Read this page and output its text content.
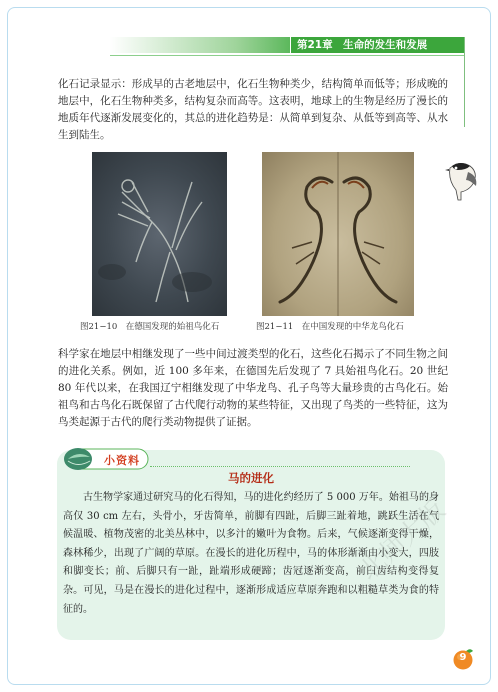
第21章　生命的发生和发展
化石记录显示：形成早的古老地层中，化石生物种类少，结构简单而低等；形成晚的地层中，化石生物种类多，结构复杂而高等。这表明，地球上的生物是经历了漫长的地质年代逐渐发展变化的，其总的进化趋势是：从简单到复杂、从低等到高等、从水生到陆生。
图21−10　在德国发现的始祖鸟化石	图21−11　在中国发现的中华龙鸟化石
科学家在地层中相继发现了一些中间过渡类型的化石，这些化石揭示了不同生物之间的进化关系。例如，近 100 多年来，在德国先后发现了 7 具始祖鸟化石。20 世纪 80 年代以来，在我国辽宁相继发现了中华龙鸟、孔子鸟等大量珍贵的古鸟化石。始祖鸟和古鸟化石既保留了古代爬行动物的某些特征，又出现了鸟类的一些特征，这为鸟类起源于古代的爬行类动物提供了证据。
小资料
马的进化
古生物学家通过研究马的化石得知，马的进化约经历了 5 000 万年。始祖马的身高仅 30 cm 左右，头骨小，牙齿简单，前脚有四趾，后脚三趾着地，跳跃生活在气候温暖、植物茂密的北美丛林中，以多汁的嫩叶为食物。后来，气候逐渐变得干燥，森林稀少，出现了广阔的草原。在漫长的进化历程中，马的体形渐渐由小变大，四肢和脚变长；前、后脚只有一趾，趾端形成硬蹄；齿冠逐渐变高，前臼齿结构变得复杂。可见，马是在漫长的进化过程中，逐渐形成适应草原奔跑和以粗糙草类为食的特征的。
北师大版
9
